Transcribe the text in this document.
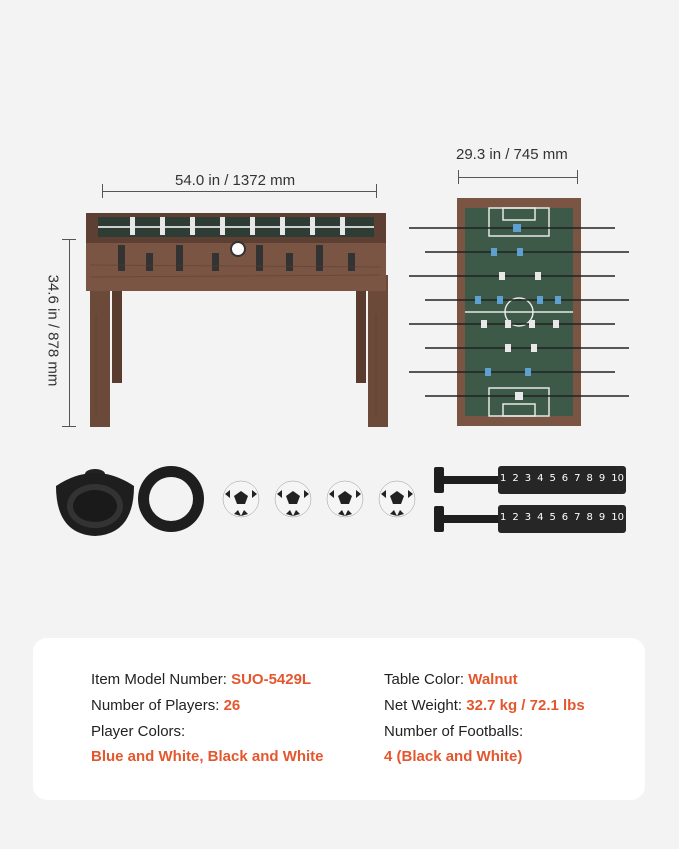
54.0 in / 1372 mm
34.6 in / 878 mm
29.3 in / 745 mm
1 2 3 4 5 6 7 8 9 10
1 2 3 4 5 6 7 8 9 10
Item Model Number: SUO-5429L
Number of Players: 26
Player Colors:
Blue and White, Black and White
Table Color: Walnut
Net Weight: 32.7 kg / 72.1 lbs
Number of Footballs:
4 (Black and White)
